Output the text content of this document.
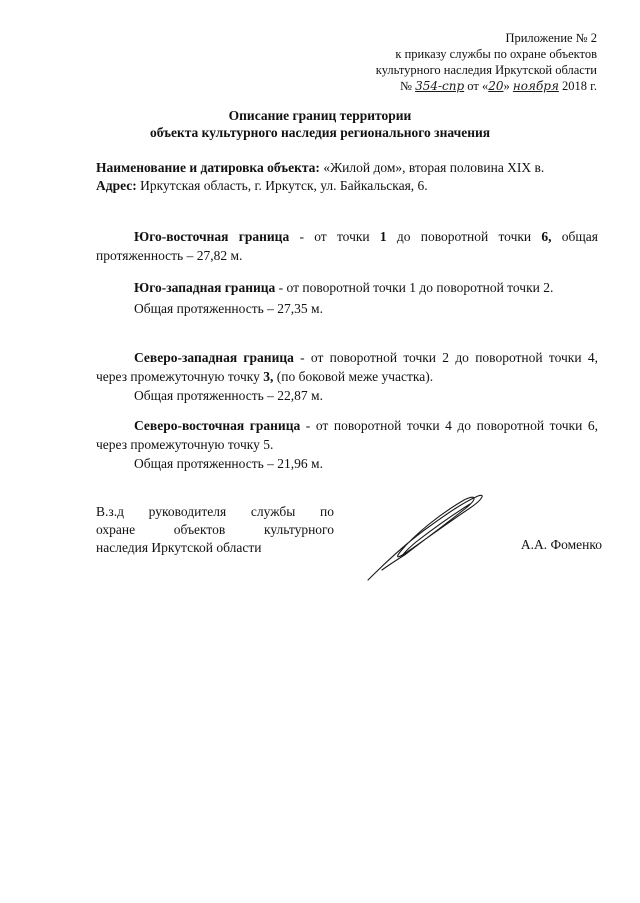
Приложение № 2
к приказу службы по охране объектов
культурного наследия Иркутской области
№ 354-спр от «20» ноября 2018 г.
Описание границ территории
объекта культурного наследия регионального значения
Наименование и датировка объекта: «Жилой дом», вторая половина XIX в.
Адрес: Иркутская область, г. Иркутск, ул. Байкальская, 6.

Юго-восточная граница - от точки 1 до поворотной точки 6, общая протяженность – 27,82 м.

Юго-западная граница - от поворотной точки 1 до поворотной точки 2.

Общая протяженность – 27,35 м.

Северо-западная граница - от поворотной точки 2 до поворотной точки 4, через промежуточную точку 3, (по боковой меже участка).

Общая протяженность – 22,87 м.

Северо-восточная граница - от поворотной точки 4 до поворотной точки 6, через промежуточную точку 5.

Общая протяженность – 21,96 м.
В.з.д руководителя службы по
охране объектов культурного
наследия Иркутской области	А.А. Фоменко
